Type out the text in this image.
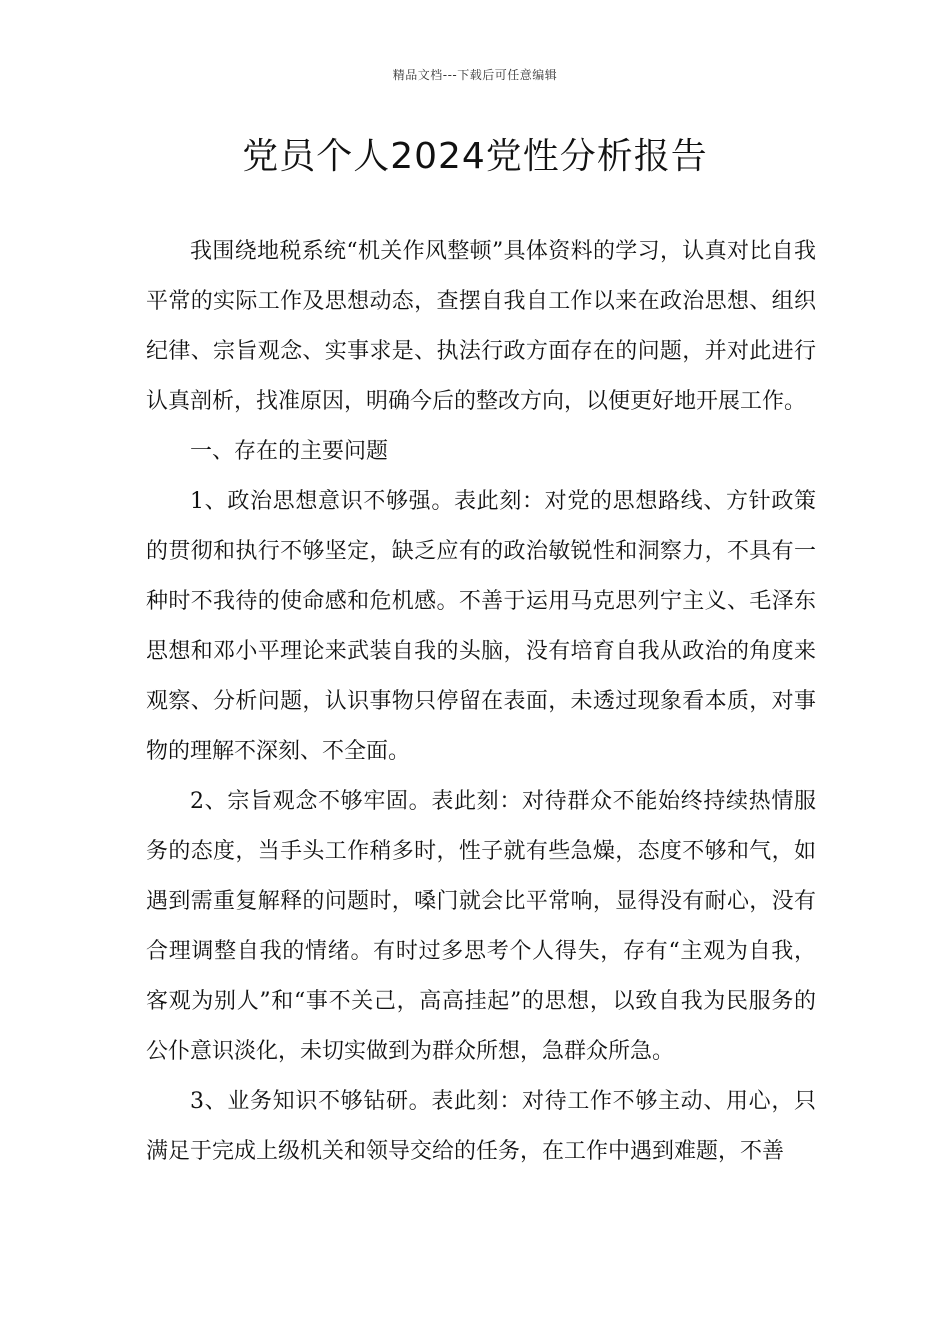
精品文档---下载后可任意编辑
党员个人2024党性分析报告

我围绕地税系统“机关作风整顿”具体资料的学习，认真对比自我平常的实际工作及思想动态，查摆自我自工作以来在政治思想、组织纪律、宗旨观念、实事求是、执法行政方面存在的问题，并对此进行认真剖析，找准原因，明确今后的整改方向，以便更好地开展工作。

一、存在的主要问题

1、政治思想意识不够强。表此刻：对党的思想路线、方针政策的贯彻和执行不够坚定，缺乏应有的政治敏锐性和洞察力，不具有一种时不我待的使命感和危机感。不善于运用马克思列宁主义、毛泽东思想和邓小平理论来武装自我的头脑，没有培育自我从政治的角度来观察、分析问题，认识事物只停留在表面，未透过现象看本质，对事物的理解不深刻、不全面。

2、宗旨观念不够牢固。表此刻：对待群众不能始终持续热情服务的态度，当手头工作稍多时，性子就有些急燥，态度不够和气，如遇到需重复解释的问题时，嗓门就会比平常响，显得没有耐心，没有合理调整自我的情绪。有时过多思考个人得失，存有“主观为自我，客观为别人”和“事不关己，高高挂起”的思想，以致自我为民服务的公仆意识淡化，未切实做到为群众所想，急群众所急。

3、业务知识不够钻研。表此刻：对待工作不够主动、用心，只满足于完成上级机关和领导交给的任务，在工作中遇到难题，不善
